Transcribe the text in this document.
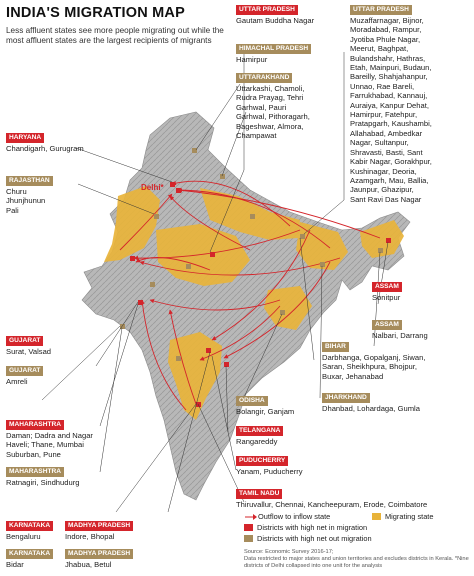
INDIA'S MIGRATION MAP
Less affluent states see more people migrating out while the most affluent states are the largest recipients of migrants
Delhi*
HARYANA
Chandigarh, Gurugram
RAJASTHAN
Churu
Jhunjhunun
Pali
GUJARAT
Surat, Valsad
GUJARAT
Amreli
MAHARASHTRA
Daman; Dadra and Nagar
Haveli; Thane, Mumbai
Suburban, Pune
MAHARASHTRA
Ratnagiri, Sindhudurg
KARNATAKA
Bengaluru
MADHYA PRADESH
Indore, Bhopal
KARNATAKA
Bidar
MADHYA PRADESH
Jhabua, Betul
UTTAR PRADESH
Gautam Buddha Nagar
HIMACHAL PRADESH
Hamirpur
UTTARAKHAND
Uttarkashi, Chamoli,
Rudra Prayag, Tehri
Garhwal, Pauri
Garhwal, Pithoragarh,
Bageshwar, Almora,
Champawat
UTTAR PRADESH
Muzaffarnagar, Bijnor,
Moradabad, Rampur,
Jyotiba Phule Nagar,
Meerut, Baghpat,
Bulandshahr, Hathras,
Etah, Mainpuri, Budaun,
Bareilly, Shahjahanpur,
Unnao, Rae Bareli,
Farrukhabad, Kannauj,
Auraiya, Kanpur Dehat,
Hamirpur, Fatehpur,
Pratapgarh, Kaushambi,
Allahabad, Ambedkar
Nagar, Sultanpur,
Shravasti, Basti, Sant
Kabir Nagar, Gorakhpur,
Kushinagar, Deoria,
Azamgarh, Mau, Ballia,
Jaunpur, Ghazipur,
Sant Ravi Das Nagar
ASSAM
Sonitpur
ASSAM
Nalbari, Darrang
BIHAR
Darbhanga, Gopalganj, Siwan,
Saran, Sheikhpura, Bhojpur,
Buxar, Jehanabad
JHARKHAND
Dhanbad, Lohardaga, Gumla
ODISHA
Bolangir, Ganjam
TELANGANA
Rangareddy
PUDUCHERRY
Yanam, Puducherry
TAMIL NADU
Thiruvallur, Chennai, Kancheepuram, Erode, Coimbatore
Outflow to inflow state	Migrating state
Districts with high net in migration
Districts with high net out migration
Source: Economic Survey 2016-17;
Data restricted to major states and union territories and excludes districts in Kerala. *Nine districts of Delhi collapsed into one unit for the analysis
